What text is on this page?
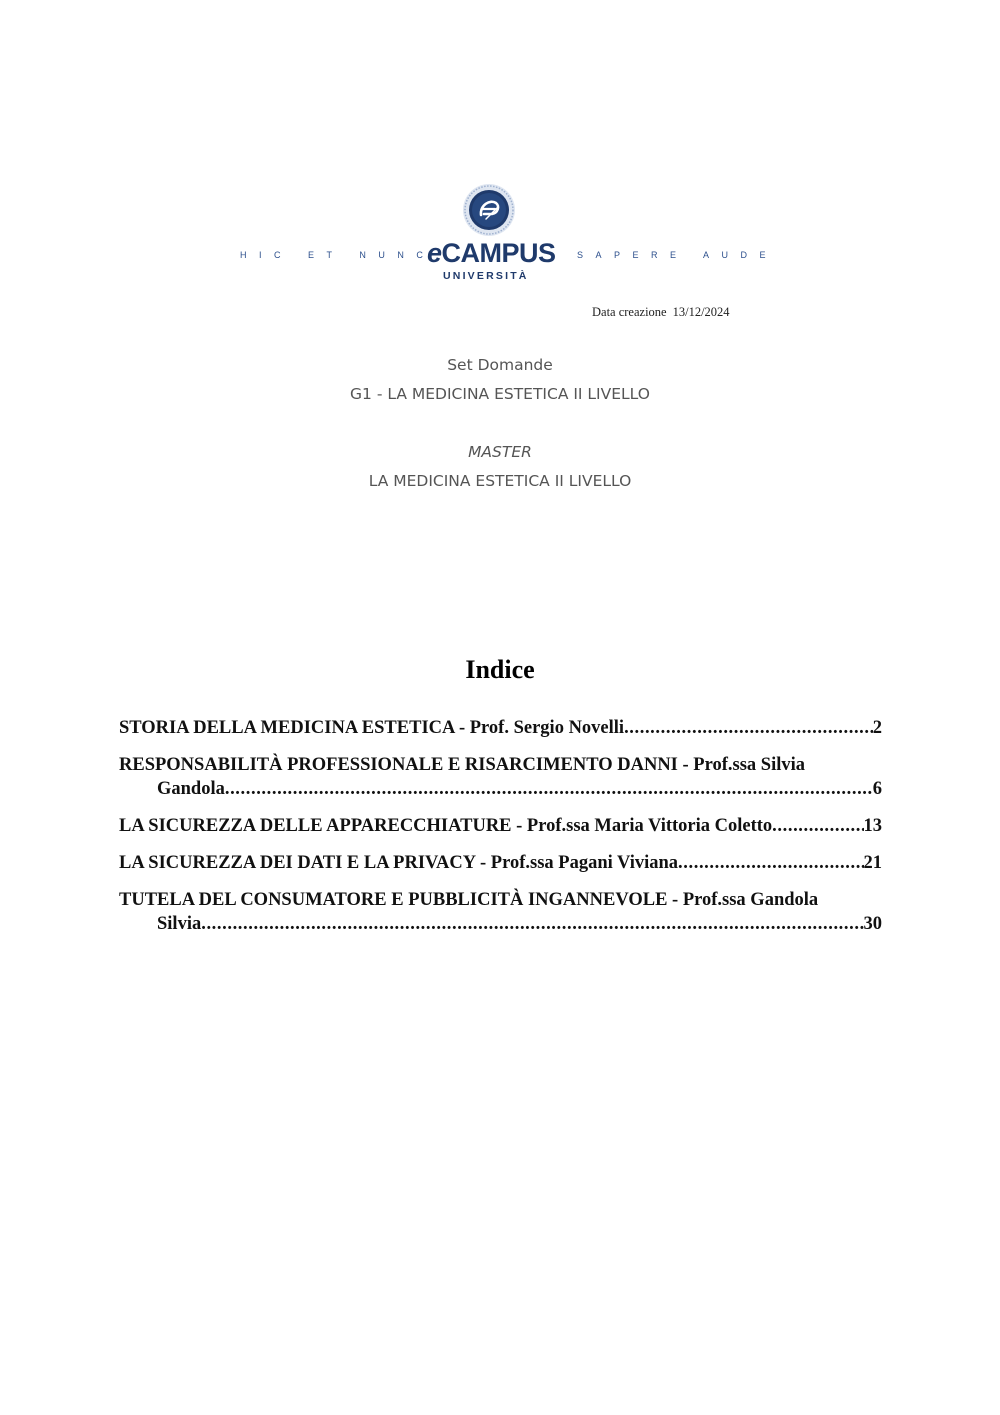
HIC ET NUNC
eCAMPUS SAPERE AUDE
UNIVERSITÀ
Data creazione 13/12/2024
Set Domande
G1 - LA MEDICINA ESTETICA II LIVELLO
MASTER
LA MEDICINA ESTETICA II LIVELLO
Indice
STORIA DELLA MEDICINA ESTETICA - Prof. Sergio Novelli .....	2
RESPONSABILITÀ PROFESSIONALE E RISARCIMENTO DANNI - Prof.ssa Silvia
Gandola .....	6
LA SICUREZZA DELLE APPARECCHIATURE - Prof.ssa Maria Vittoria Coletto .....	13
LA SICUREZZA DEI DATI E LA PRIVACY - Prof.ssa Pagani Viviana .....	21
TUTELA DEL CONSUMATORE E PUBBLICITÀ INGANNEVOLE - Prof.ssa Gandola
Silvia .....	30
